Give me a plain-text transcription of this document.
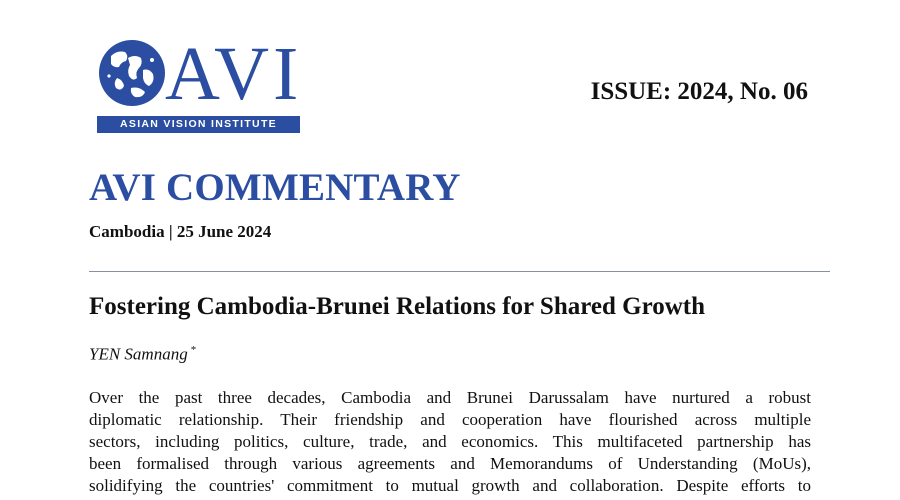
AVI
ASIAN VISION INSTITUTE
ISSUE: 2024, No. 06
AVI COMMENTARY
Cambodia | 25 June 2024
Fostering Cambodia-Brunei Relations for Shared Growth
YEN Samnang *
Over the past three decades, Cambodia and Brunei Darussalam have nurtured a robust
diplomatic relationship. Their friendship and cooperation have flourished across multiple
sectors, including politics, culture, trade, and economics. This multifaceted partnership has
been formalised through various agreements and Memorandums of Understanding (MoUs),
solidifying the countries' commitment to mutual growth and collaboration. Despite efforts to
